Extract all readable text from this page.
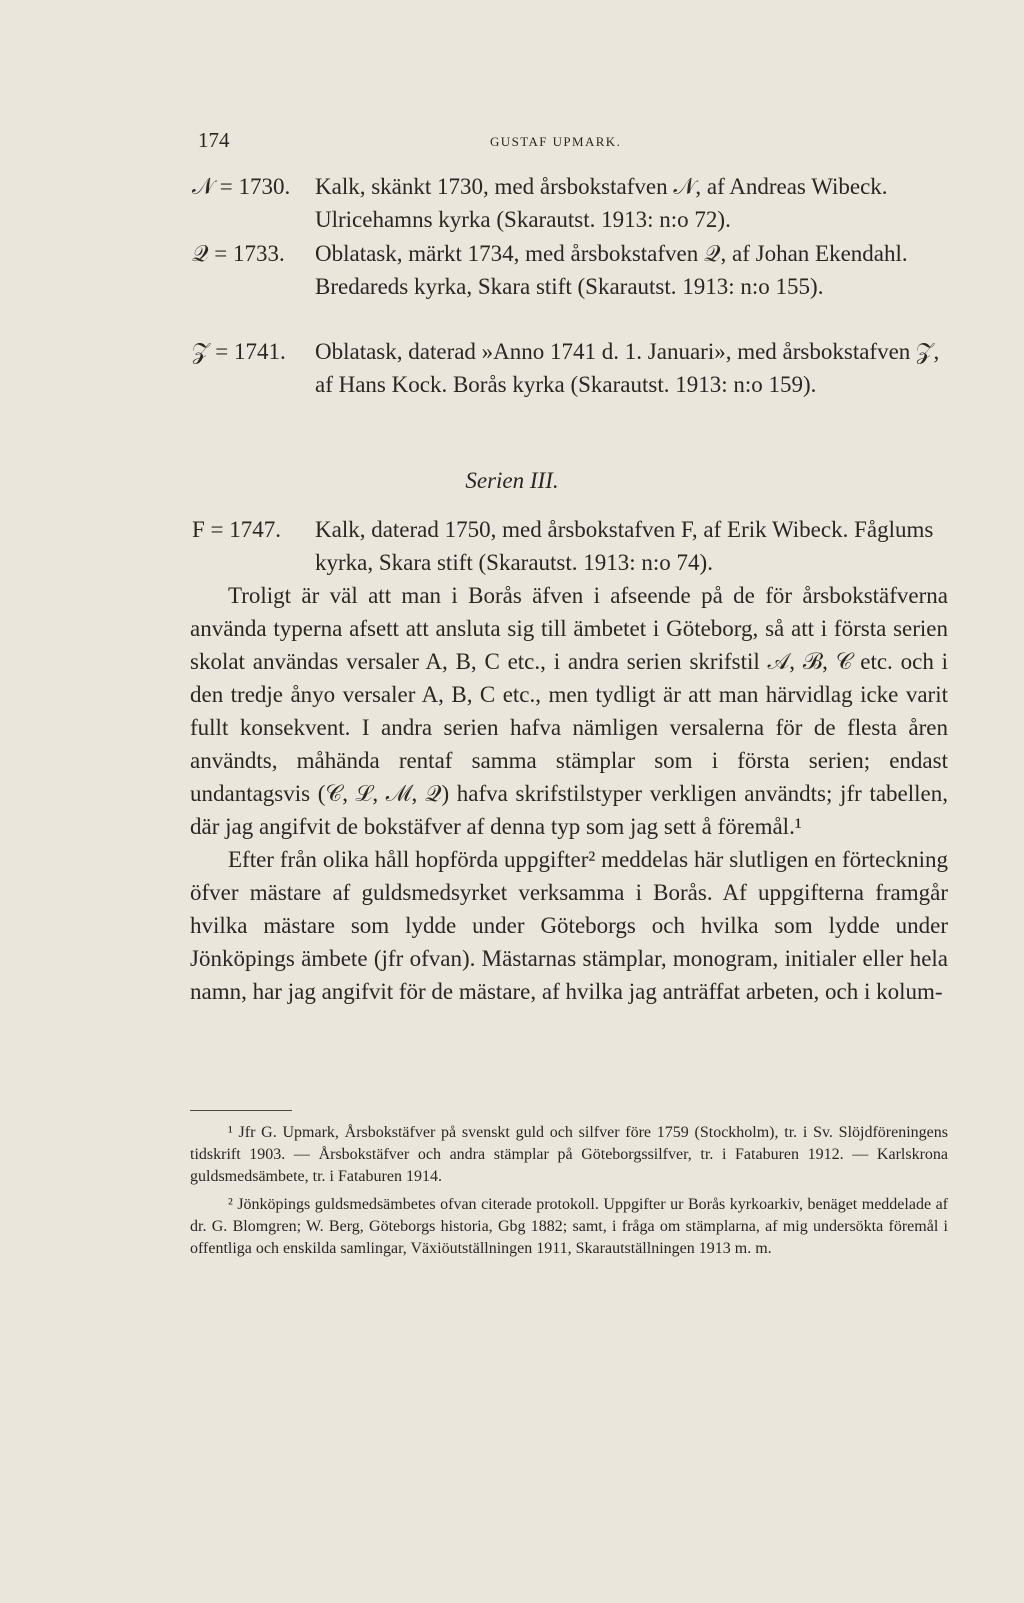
174	GUSTAF UPMARK.
𝒩 = 1730. Kalk, skänkt 1730, med årsbokstafven 𝒩, af Andreas Wibeck. Ulricehamns kyrka (Skarautst. 1913: n:o 72).
𝒬 = 1733. Oblatask, märkt 1734, med årsbokstafven 𝒬, af Johan Ekendahl. Bredareds kyrka, Skara stift (Skarautst. 1913: n:o 155).
𝒵 = 1741. Oblatask, daterad »Anno 1741 d. 1. Januari», med årsbokstafven 𝒵, af Hans Kock. Borås kyrka (Skarautst. 1913: n:o 159).
Serien III.
F = 1747. Kalk, daterad 1750, med årsbokstafven F, af Erik Wibeck. Fåglums kyrka, Skara stift (Skarautst. 1913: n:o 74).

Troligt är väl att man i Borås äfven i afseende på de för årsbokstäfverna använda typerna afsett att ansluta sig till ämbetet i Göteborg, så att i första serien skolat användas versaler A, B, C etc., i andra serien skrifstil 𝒜, ℬ, 𝒞 etc. och i den tredje ånyo versaler A, B, C etc., men tydligt är att man härvidlag icke varit fullt konsekvent. I andra serien hafva nämligen versalerna för de flesta åren användts, måhända rentaf samma stämplar som i första serien; endast undantagsvis (𝒞, ℒ, ℳ, 𝒬) hafva skrifstilstyper verkligen användts; jfr tabellen, där jag angifvit de bokstäfver af denna typ som jag sett å föremål.¹

Efter från olika håll hopförda uppgifter² meddelas här slutligen en förteckning öfver mästare af guldsmedsyrket verksamma i Borås. Af uppgifterna framgår hvilka mästare som lydde under Göteborgs och hvilka som lydde under Jönköpings ämbete (jfr ofvan). Mästarnas stämplar, monogram, initialer eller hela namn, har jag angifvit för de mästare, af hvilka jag anträffat arbeten, och i kolum-

¹ Jfr G. Upmark, Årsbokstäfver på svenskt guld och silfver före 1759 (Stockholm), tr. i Sv. Slöjdföreningens tidskrift 1903. — Årsbokstäfver och andra stämplar på Göteborgssilfver, tr. i Fataburen 1912. — Karlskrona guldsmedsämbete, tr. i Fataburen 1914.

² Jönköpings guldsmedsämbetes ofvan citerade protokoll. Uppgifter ur Borås kyrkoarkiv, benäget meddelade af dr. G. Blomgren; W. Berg, Göteborgs historia, Gbg 1882; samt, i fråga om stämplarna, af mig undersökta föremål i offentliga och enskilda samlingar, Växiöutställningen 1911, Skarautställningen 1913 m. m.
